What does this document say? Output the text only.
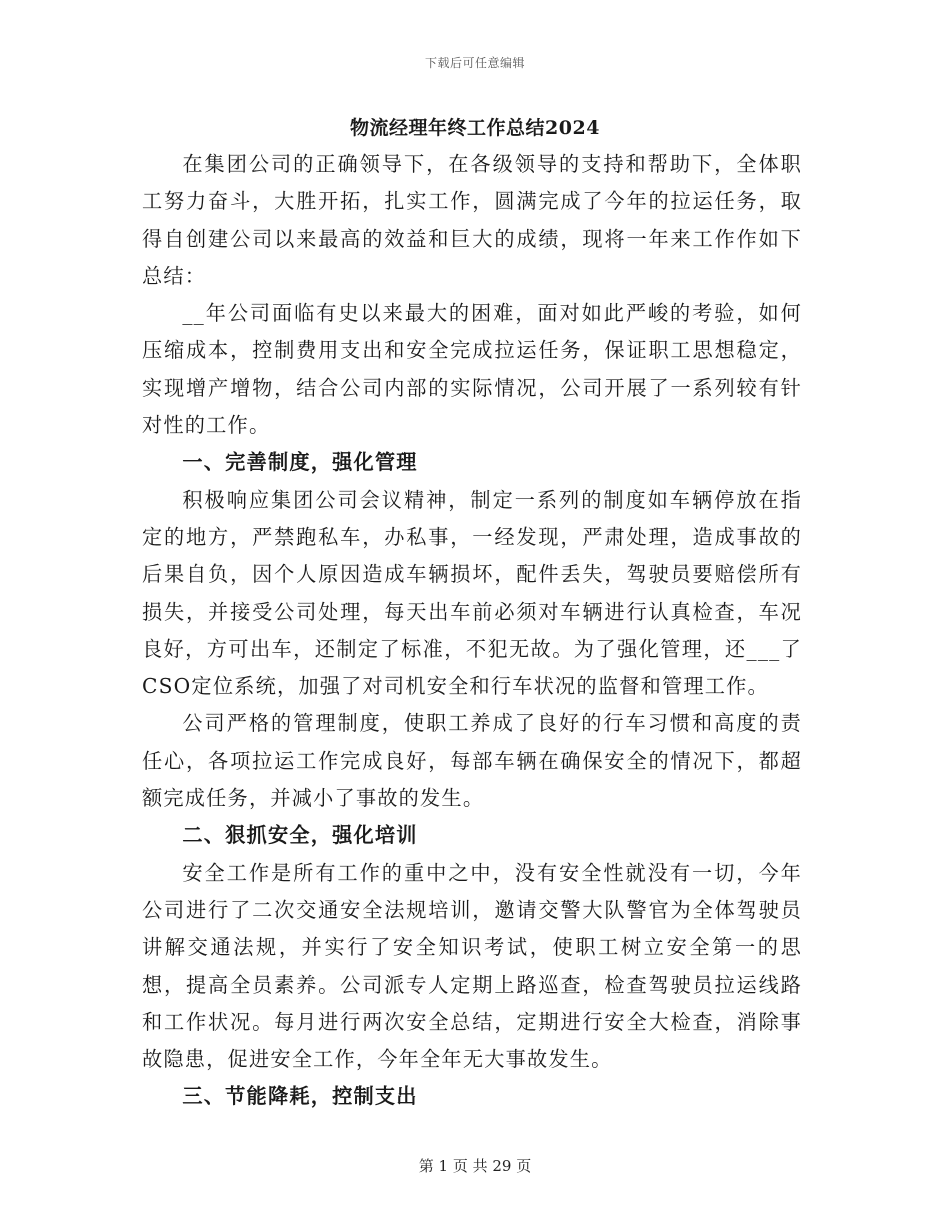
下载后可任意编辑
物流经理年终工作总结2024

在集团公司的正确领导下，在各级领导的支持和帮助下，全体职工努力奋斗，大胜开拓，扎实工作，圆满完成了今年的拉运任务，取得自创建公司以来最高的效益和巨大的成绩，现将一年来工作作如下总结：

__年公司面临有史以来最大的困难，面对如此严峻的考验，如何压缩成本，控制费用支出和安全完成拉运任务，保证职工思想稳定，实现增产增物，结合公司内部的实际情况，公司开展了一系列较有针对性的工作。

一、完善制度，强化管理

积极响应集团公司会议精神，制定一系列的制度如车辆停放在指定的地方，严禁跑私车，办私事，一经发现，严肃处理，造成事故的后果自负，因个人原因造成车辆损坏，配件丢失，驾驶员要赔偿所有损失，并接受公司处理，每天出车前必须对车辆进行认真检查，车况良好，方可出车，还制定了标准，不犯无故。为了强化管理，还___了CSO定位系统，加强了对司机安全和行车状况的监督和管理工作。

公司严格的管理制度，使职工养成了良好的行车习惯和高度的责任心，各项拉运工作完成良好，每部车辆在确保安全的情况下，都超额完成任务，并减小了事故的发生。

二、狠抓安全，强化培训

安全工作是所有工作的重中之中，没有安全性就没有一切，今年公司进行了二次交通安全法规培训，邀请交警大队警官为全体驾驶员讲解交通法规，并实行了安全知识考试，使职工树立安全第一的思想，提高全员素养。公司派专人定期上路巡查，检查驾驶员拉运线路和工作状况。每月进行两次安全总结，定期进行安全大检查，消除事故隐患，促进安全工作，今年全年无大事故发生。

三、节能降耗，控制支出

第 1 页 共 29 页
